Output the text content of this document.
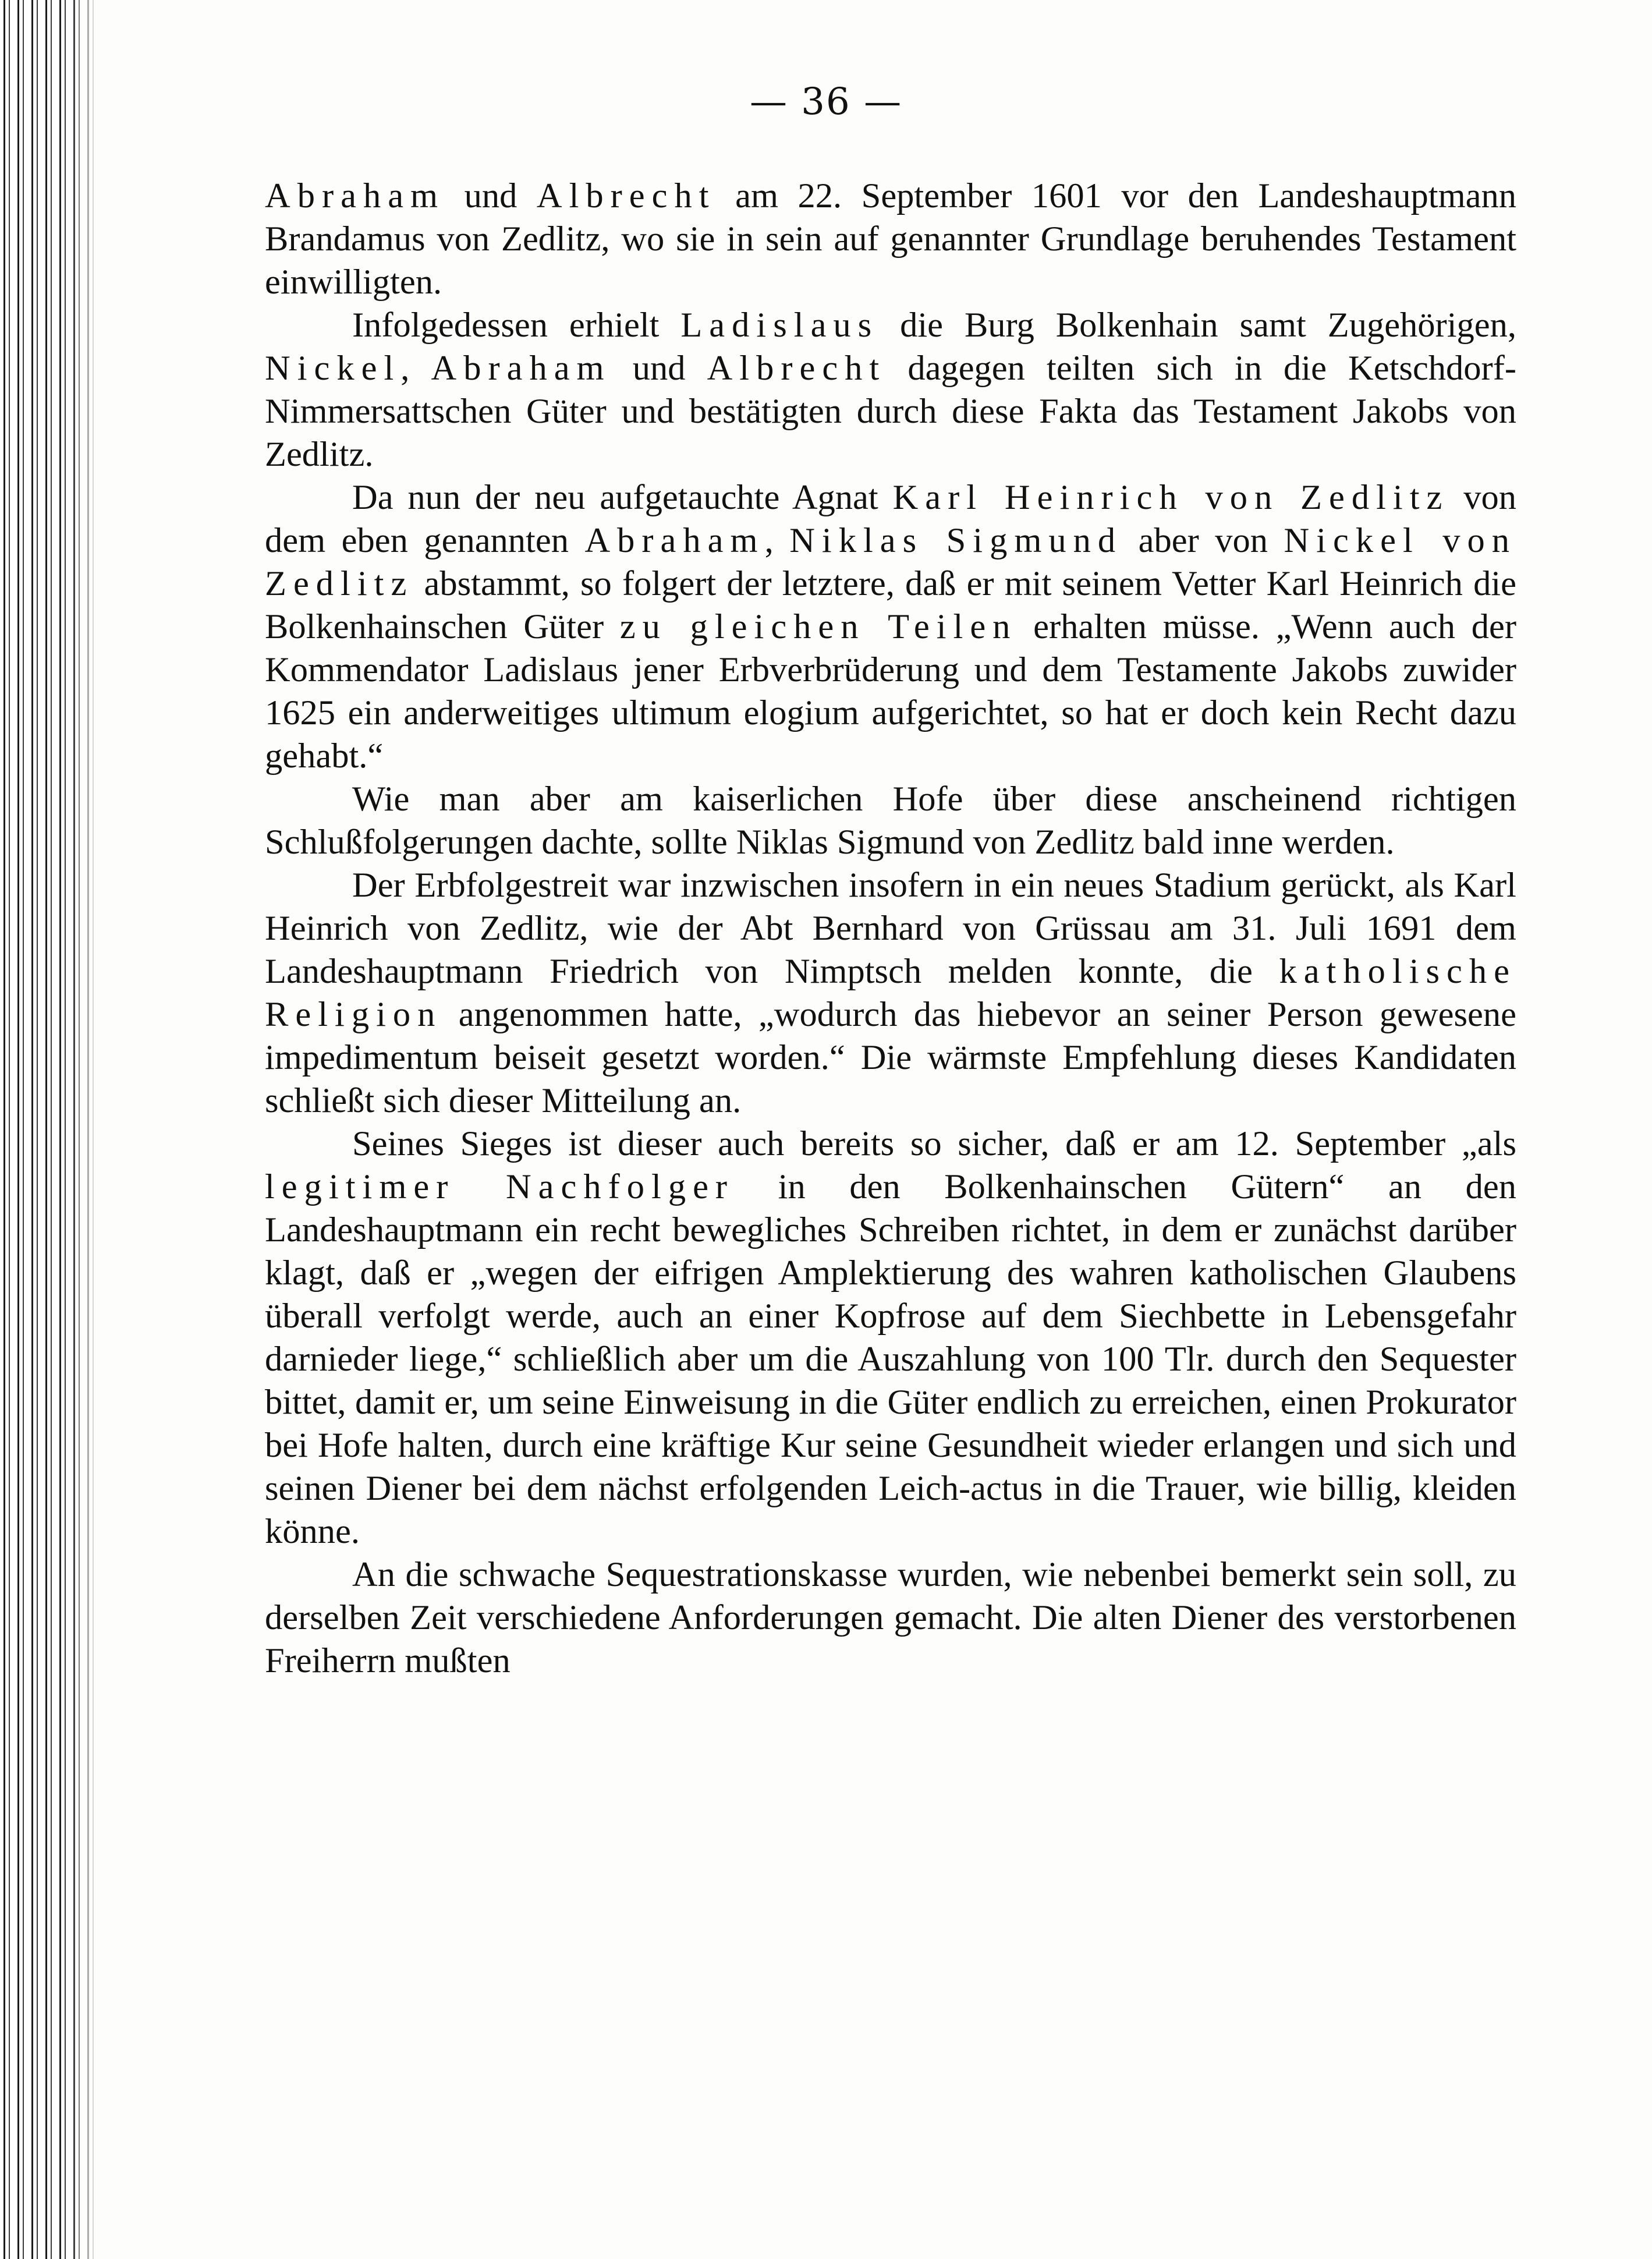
— 36 —

Abraham und Albrecht am 22. September 1601 vor den Landeshauptmann Brandamus von Zedlitz, wo sie in sein auf genannter Grundlage beruhendes Testament einwilligten.

Infolgedessen erhielt Ladislaus die Burg Bolkenhain samt Zugehörigen, Nickel, Abraham und Albrecht dagegen teilten sich in die Ketschdorf-Nimmersattschen Güter und bestätigten durch diese Fakta das Testament Jakobs von Zedlitz.

Da nun der neu aufgetauchte Agnat Karl Heinrich von Zedlitz von dem eben genannten Abraham, Niklas Sigmund aber von Nickel von Zedlitz abstammt, so folgert der letztere, daß er mit seinem Vetter Karl Heinrich die Bolkenhainschen Güter zu gleichen Teilen erhalten müsse. „Wenn auch der Kommendator Ladislaus jener Erbverbrüderung und dem Testamente Jakobs zuwider 1625 ein anderweitiges ultimum elogium aufgerichtet, so hat er doch kein Recht dazu gehabt.“

Wie man aber am kaiserlichen Hofe über diese anscheinend richtigen Schlußfolgerungen dachte, sollte Niklas Sigmund von Zedlitz bald inne werden.

Der Erbfolgestreit war inzwischen insofern in ein neues Stadium gerückt, als Karl Heinrich von Zedlitz, wie der Abt Bernhard von Grüssau am 31. Juli 1691 dem Landeshauptmann Friedrich von Nimptsch melden konnte, die katholische Religion angenommen hatte, „wodurch das hiebevor an seiner Person gewesene impedimentum beiseit gesetzt worden.“ Die wärmste Empfehlung dieses Kandidaten schließt sich dieser Mitteilung an.

Seines Sieges ist dieser auch bereits so sicher, daß er am 12. September „als legitimer Nachfolger in den Bolkenhainschen Gütern“ an den Landeshauptmann ein recht bewegliches Schreiben richtet, in dem er zunächst darüber klagt, daß er „wegen der eifrigen Amplektierung des wahren katholischen Glaubens überall verfolgt werde, auch an einer Kopfrose auf dem Siechbette in Lebensgefahr darnieder liege,“ schließlich aber um die Auszahlung von 100 Tlr. durch den Sequester bittet, damit er, um seine Einweisung in die Güter endlich zu erreichen, einen Prokurator bei Hofe halten, durch eine kräftige Kur seine Gesundheit wieder erlangen und sich und seinen Diener bei dem nächst erfolgenden Leich-actus in die Trauer, wie billig, kleiden könne.

An die schwache Sequestrationskasse wurden, wie nebenbei bemerkt sein soll, zu derselben Zeit verschiedene Anforderungen gemacht. Die alten Diener des verstorbenen Freiherrn mußten
